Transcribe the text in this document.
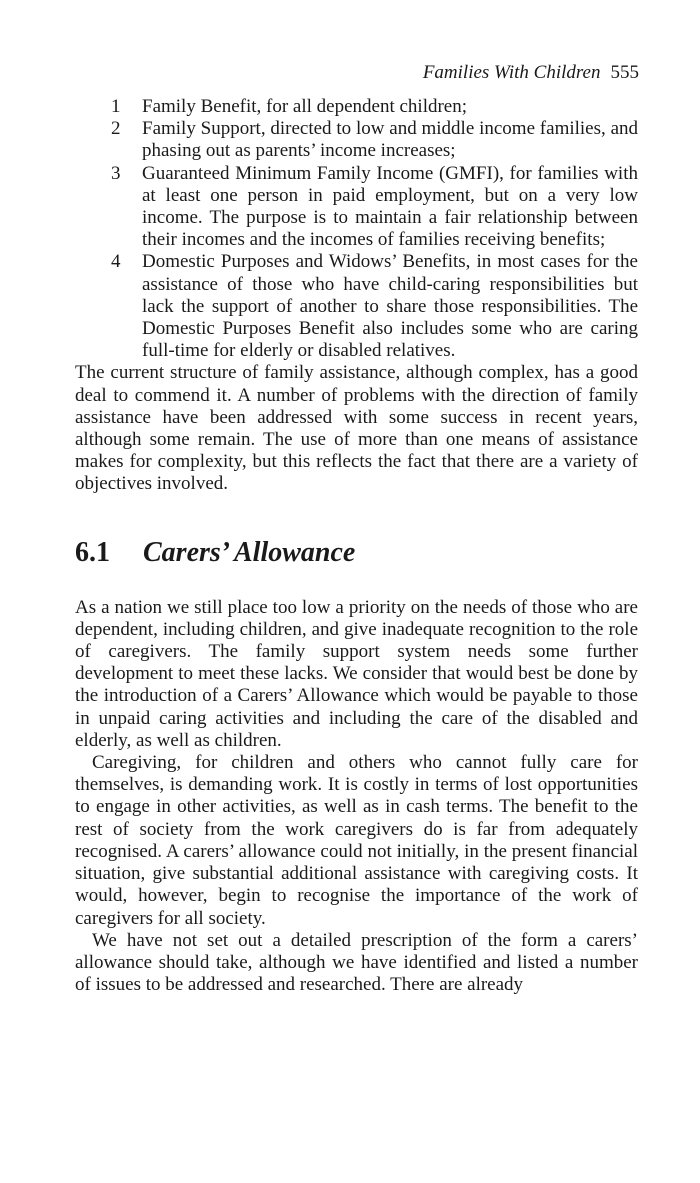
Families With Children 555
1 Family Benefit, for all dependent children;
2 Family Support, directed to low and middle income families, and phasing out as parents’ income increases;
3 Guaranteed Minimum Family Income (GMFI), for families with at least one person in paid employment, but on a very low income. The purpose is to maintain a fair relationship between their incomes and the incomes of families receiving benefits;
4 Domestic Purposes and Widows’ Benefits, in most cases for the assistance of those who have child-caring responsibilities but lack the support of another to share those responsibilities. The Domestic Purposes Benefit also includes some who are caring full-time for elderly or disabled relatives.

The current structure of family assistance, although complex, has a good deal to commend it. A number of problems with the direction of family assistance have been addressed with some success in recent years, although some remain. The use of more than one means of assistance makes for complexity, but this reflects the fact that there are a variety of objectives involved.

6.1 Carers’ Allowance

As a nation we still place too low a priority on the needs of those who are dependent, including children, and give inadequate recognition to the role of caregivers. The family support system needs some further development to meet these lacks. We consider that would best be done by the introduction of a Carers’ Allowance which would be payable to those in unpaid caring activities and including the care of the disabled and elderly, as well as children.

Caregiving, for children and others who cannot fully care for themselves, is demanding work. It is costly in terms of lost opportunities to engage in other activities, as well as in cash terms. The benefit to the rest of society from the work caregivers do is far from adequately recognised. A carers’ allowance could not initially, in the present financial situation, give substantial additional assistance with caregiving costs. It would, however, begin to recognise the importance of the work of caregivers for all society.

We have not set out a detailed prescription of the form a carers’ allowance should take, although we have identified and listed a number of issues to be addressed and researched. There are already
